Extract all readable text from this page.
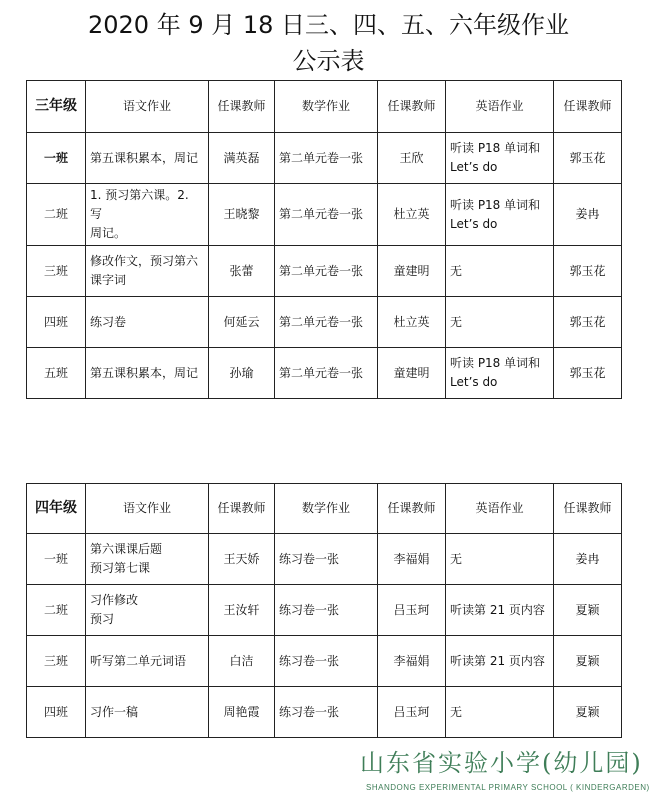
2020 年 9 月 18 日三、四、五、六年级作业
公示表
三年级	语文作业	任课教师	数学作业	任课教师	英语作业	任课教师
一班	第五课积累本，周记	满英磊	第二单元卷一张	王欣	听读 P18 单词和
Let’s do	郭玉花
二班	1. 预习第六课。2. 写
周记。	王晓黎	第二单元卷一张	杜立英	听读 P18 单词和
Let’s do	姜冉
三班	修改作文，预习第六
课字词	张蕾	第二单元卷一张	童建明	无	郭玉花
四班	练习卷	何延云	第二单元卷一张	杜立英	无	郭玉花
五班	第五课积累本，周记	孙瑜	第二单元卷一张	童建明	听读 P18 单词和
Let’s do	郭玉花
四年级	语文作业	任课教师	数学作业	任课教师	英语作业	任课教师
一班	第六课课后题
预习第七课	王天娇	练习卷一张	李福娟	无	姜冉
二班	习作修改
预习	王汝轩	练习卷一张	吕玉珂	听读第 21 页内容	夏颖
三班	听写第二单元词语	白洁	练习卷一张	李福娟	听读第 21 页内容	夏颖
四班	习作一稿	周艳霞	练习卷一张	吕玉珂	无	夏颖
山东省实验小学(幼儿园)
SHANDONG EXPERIMENTAL PRIMARY SCHOOL ( KINDERGARDEN)
